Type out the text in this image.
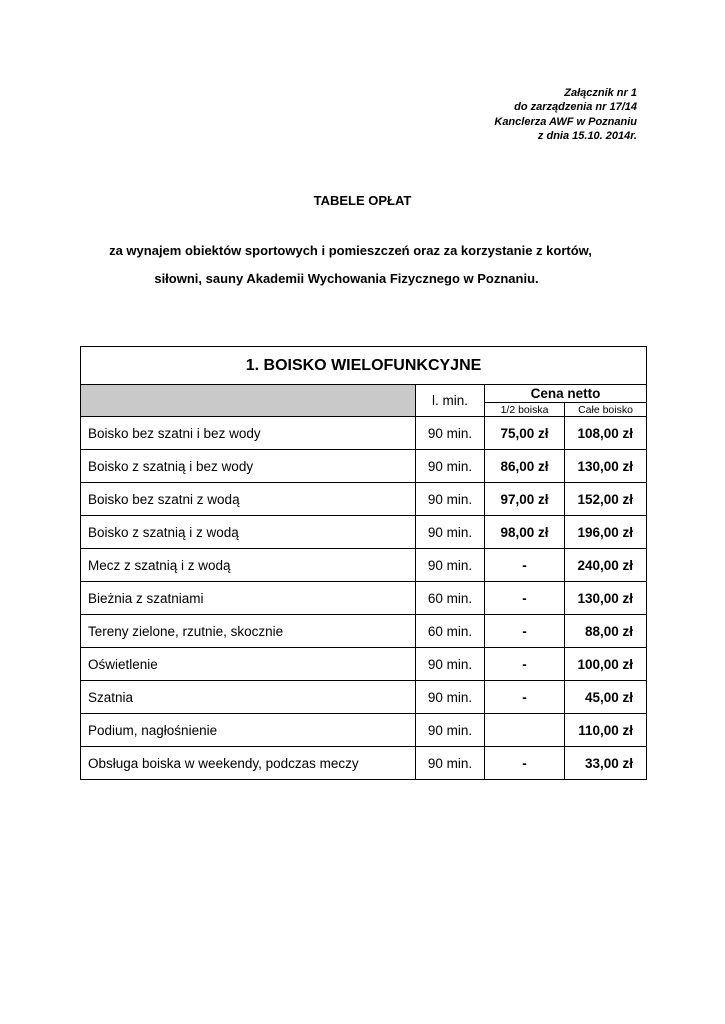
Załącznik nr 1
do zarządzenia nr 17/14
Kanclerza AWF w Poznaniu
z dnia 15.10. 2014r.
TABELE OPŁAT
za wynajem obiektów sportowych i pomieszczeń oraz za korzystanie z kortów,
siłowni, sauny Akademii Wychowania Fizycznego w Poznaniu.
1. BOISKO WIELOFUNKCYJNE			
	l. min.	Cena netto	
		1/2 boiska	Całe boisko
Boisko bez szatni i bez wody	90 min.	75,00 zł	108,00 zł
Boisko z szatnią i bez wody	90 min.	86,00 zł	130,00 zł
Boisko bez szatni z wodą	90 min.	97,00 zł	152,00 zł
Boisko z szatnią i z wodą	90 min.	98,00 zł	196,00 zł
Mecz z szatnią i z wodą	90 min.	-	240,00 zł
Bieżnia z szatniami	60 min.	-	130,00 zł
Tereny zielone, rzutnie, skocznie	60 min.	-	88,00 zł
Oświetlenie	90 min.	-	100,00 zł
Szatnia	90 min.	-	45,00 zł
Podium, nagłośnienie	90 min.		110,00 zł
Obsługa boiska w weekendy, podczas meczy	90 min.	-	33,00 zł
